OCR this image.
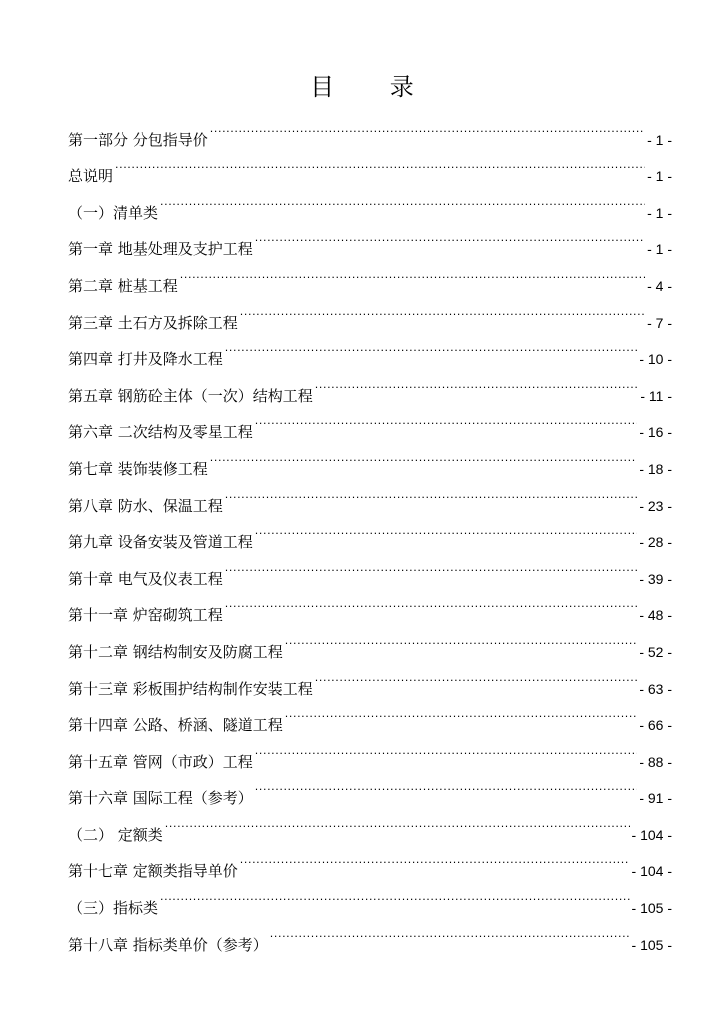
目 录
第一部分 分包指导价 .....	- 1 -
总说明 .....	- 1 -
（一）清单类 .....	- 1 -
第一章 地基处理及支护工程 .....	- 1 -
第二章 桩基工程 .....	- 4 -
第三章 土石方及拆除工程 .....	- 7 -
第四章 打井及降水工程 .....	- 10 -
第五章 钢筋砼主体（一次）结构工程 .....	- 11 -
第六章 二次结构及零星工程 .....	- 16 -
第七章 装饰装修工程 .....	- 18 -
第八章 防水、保温工程 .....	- 23 -
第九章 设备安装及管道工程 .....	- 28 -
第十章 电气及仪表工程 .....	- 39 -
第十一章 炉窑砌筑工程 .....	- 48 -
第十二章 钢结构制安及防腐工程 .....	- 52 -
第十三章 彩板围护结构制作安装工程 .....	- 63 -
第十四章 公路、桥涵、隧道工程 .....	- 66 -
第十五章 管网（市政）工程 .....	- 88 -
第十六章 国际工程（参考） .....	- 91 -
（二） 定额类 .....	- 104 -
第十七章 定额类指导单价 .....	- 104 -
（三）指标类 .....	- 105 -
第十八章 指标类单价（参考） .....	- 105 -
